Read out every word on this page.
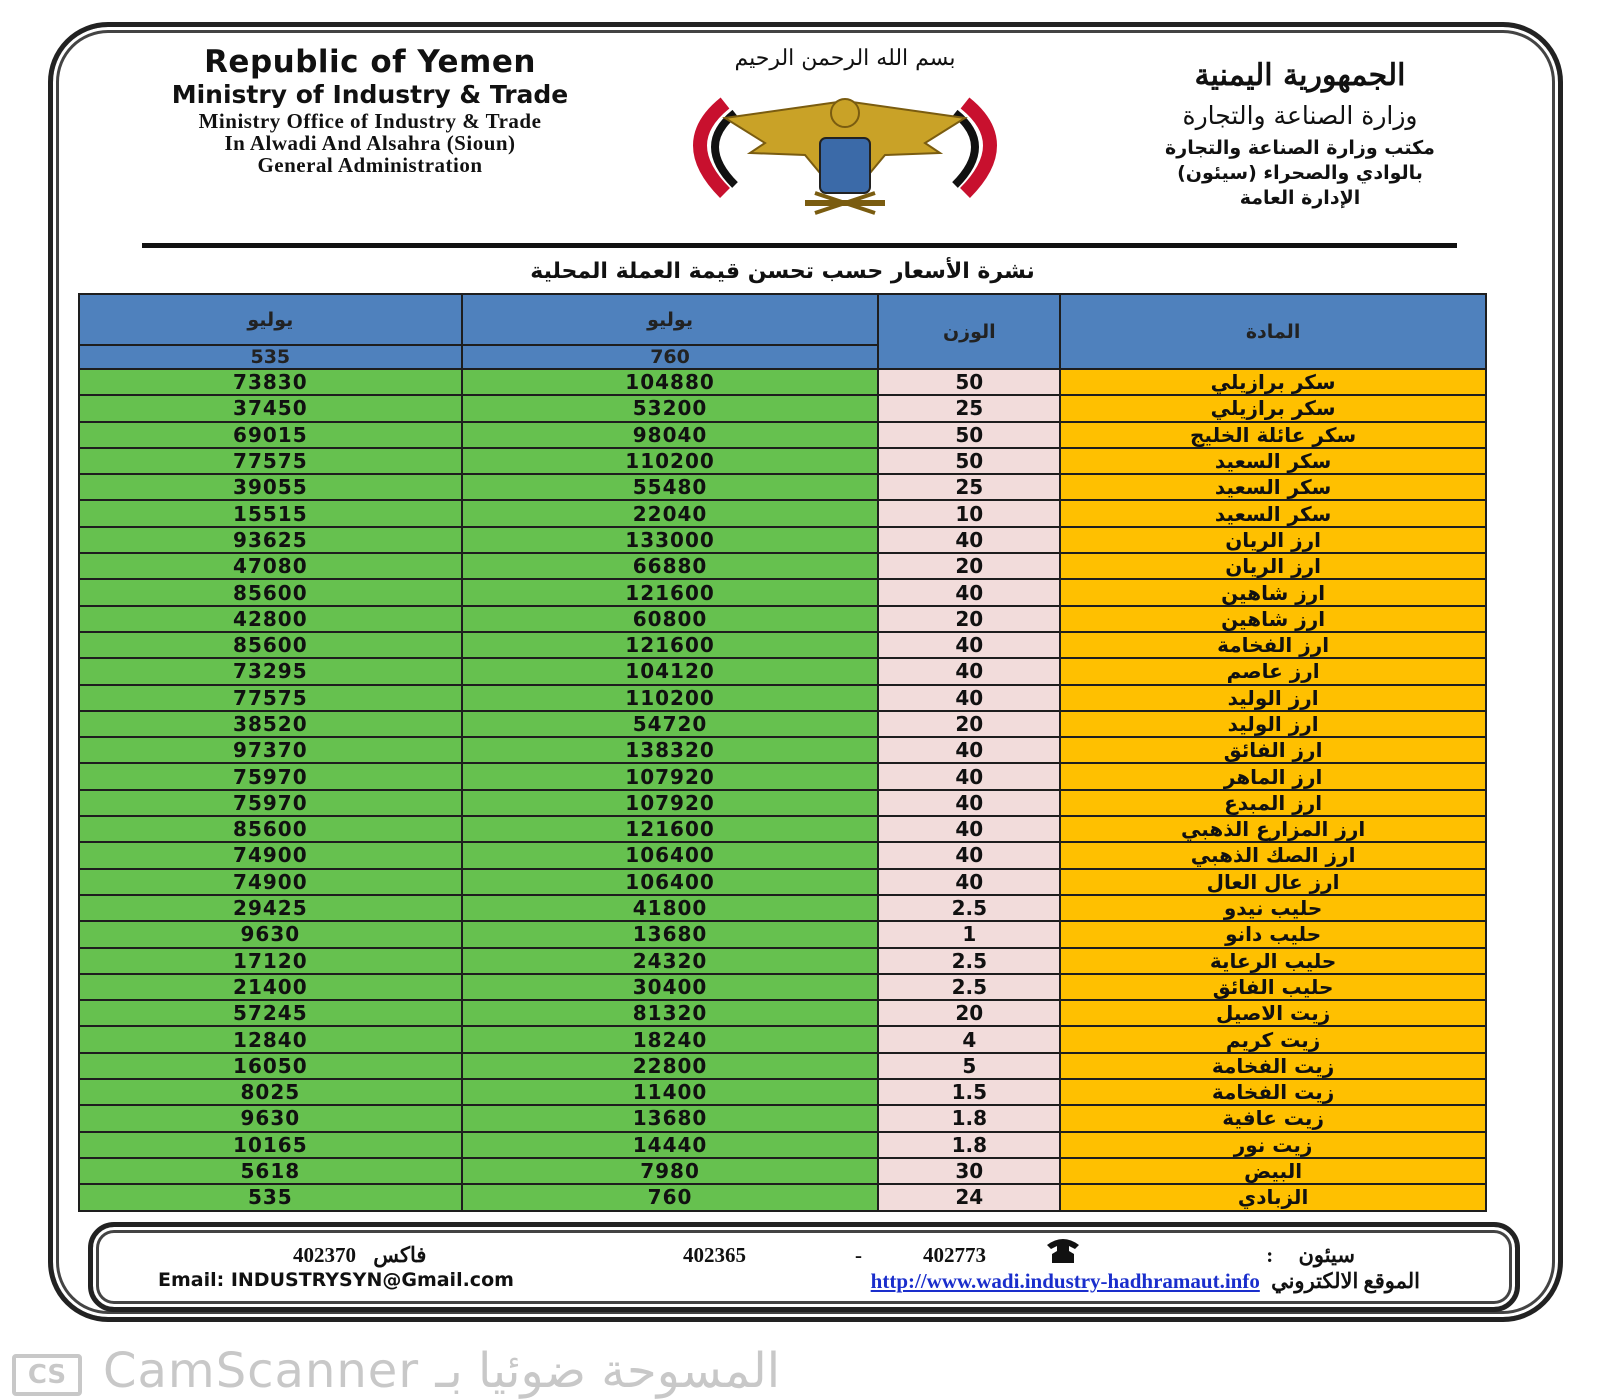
Republic of Yemen
Ministry of Industry & Trade
Ministry Office of Industry & Trade
In Alwadi And Alsahra (Sioun)
General Administration
بسم الله الرحمن الرحيم	الجمهورية اليمنية
وزارة الصناعة والتجارة
مكتب وزارة الصناعة والتجارة
بالوادي والصحراء (سيئون)
الإدارة العامة
نشرة الأسعار حسب تحسن قيمة العملة المحلية
المادة	الوزن	يوليو	يوليو
		760	535
سكر برازيلي	50	104880	73830
سكر برازيلي	25	53200	37450
سكر عائلة الخليج	50	98040	69015
سكر السعيد	50	110200	77575
سكر السعيد	25	55480	39055
سكر السعيد	10	22040	15515
ارز الريان	40	133000	93625
ارز الريان	20	66880	47080
ارز شاهين	40	121600	85600
ارز شاهين	20	60800	42800
ارز الفخامة	40	121600	85600
ارز عاصم	40	104120	73295
ارز الوليد	40	110200	77575
ارز الوليد	20	54720	38520
ارز الفائق	40	138320	97370
ارز الماهر	40	107920	75970
ارز المبدع	40	107920	75970
ارز المزارع الذهبي	40	121600	85600
ارز الصك الذهبي	40	106400	74900
ارز عال العال	40	106400	74900
حليب نيدو	2.5	41800	29425
حليب دانو	1	13680	9630
حليب الرعاية	2.5	24320	17120
حليب الفائق	2.5	30400	21400
زيت الاصيل	20	81320	57245
زيت كريم	4	18240	12840
زيت الفخامة	5	22800	16050
زيت الفخامة	1.5	11400	8025
زيت عافية	1.8	13680	9630
زيت نور	1.8	14440	10165
البيض	30	7980	5618
الزبادي	24	760	535
سيئون :
402773
-
402365
فاكس 402370
الموقع الالكتروني http://www.wadi.industry-hadhramaut.info
Email: INDUSTRYSYN@Gmail.com
CS CamScanner المسوحة ضوئيا بـ
